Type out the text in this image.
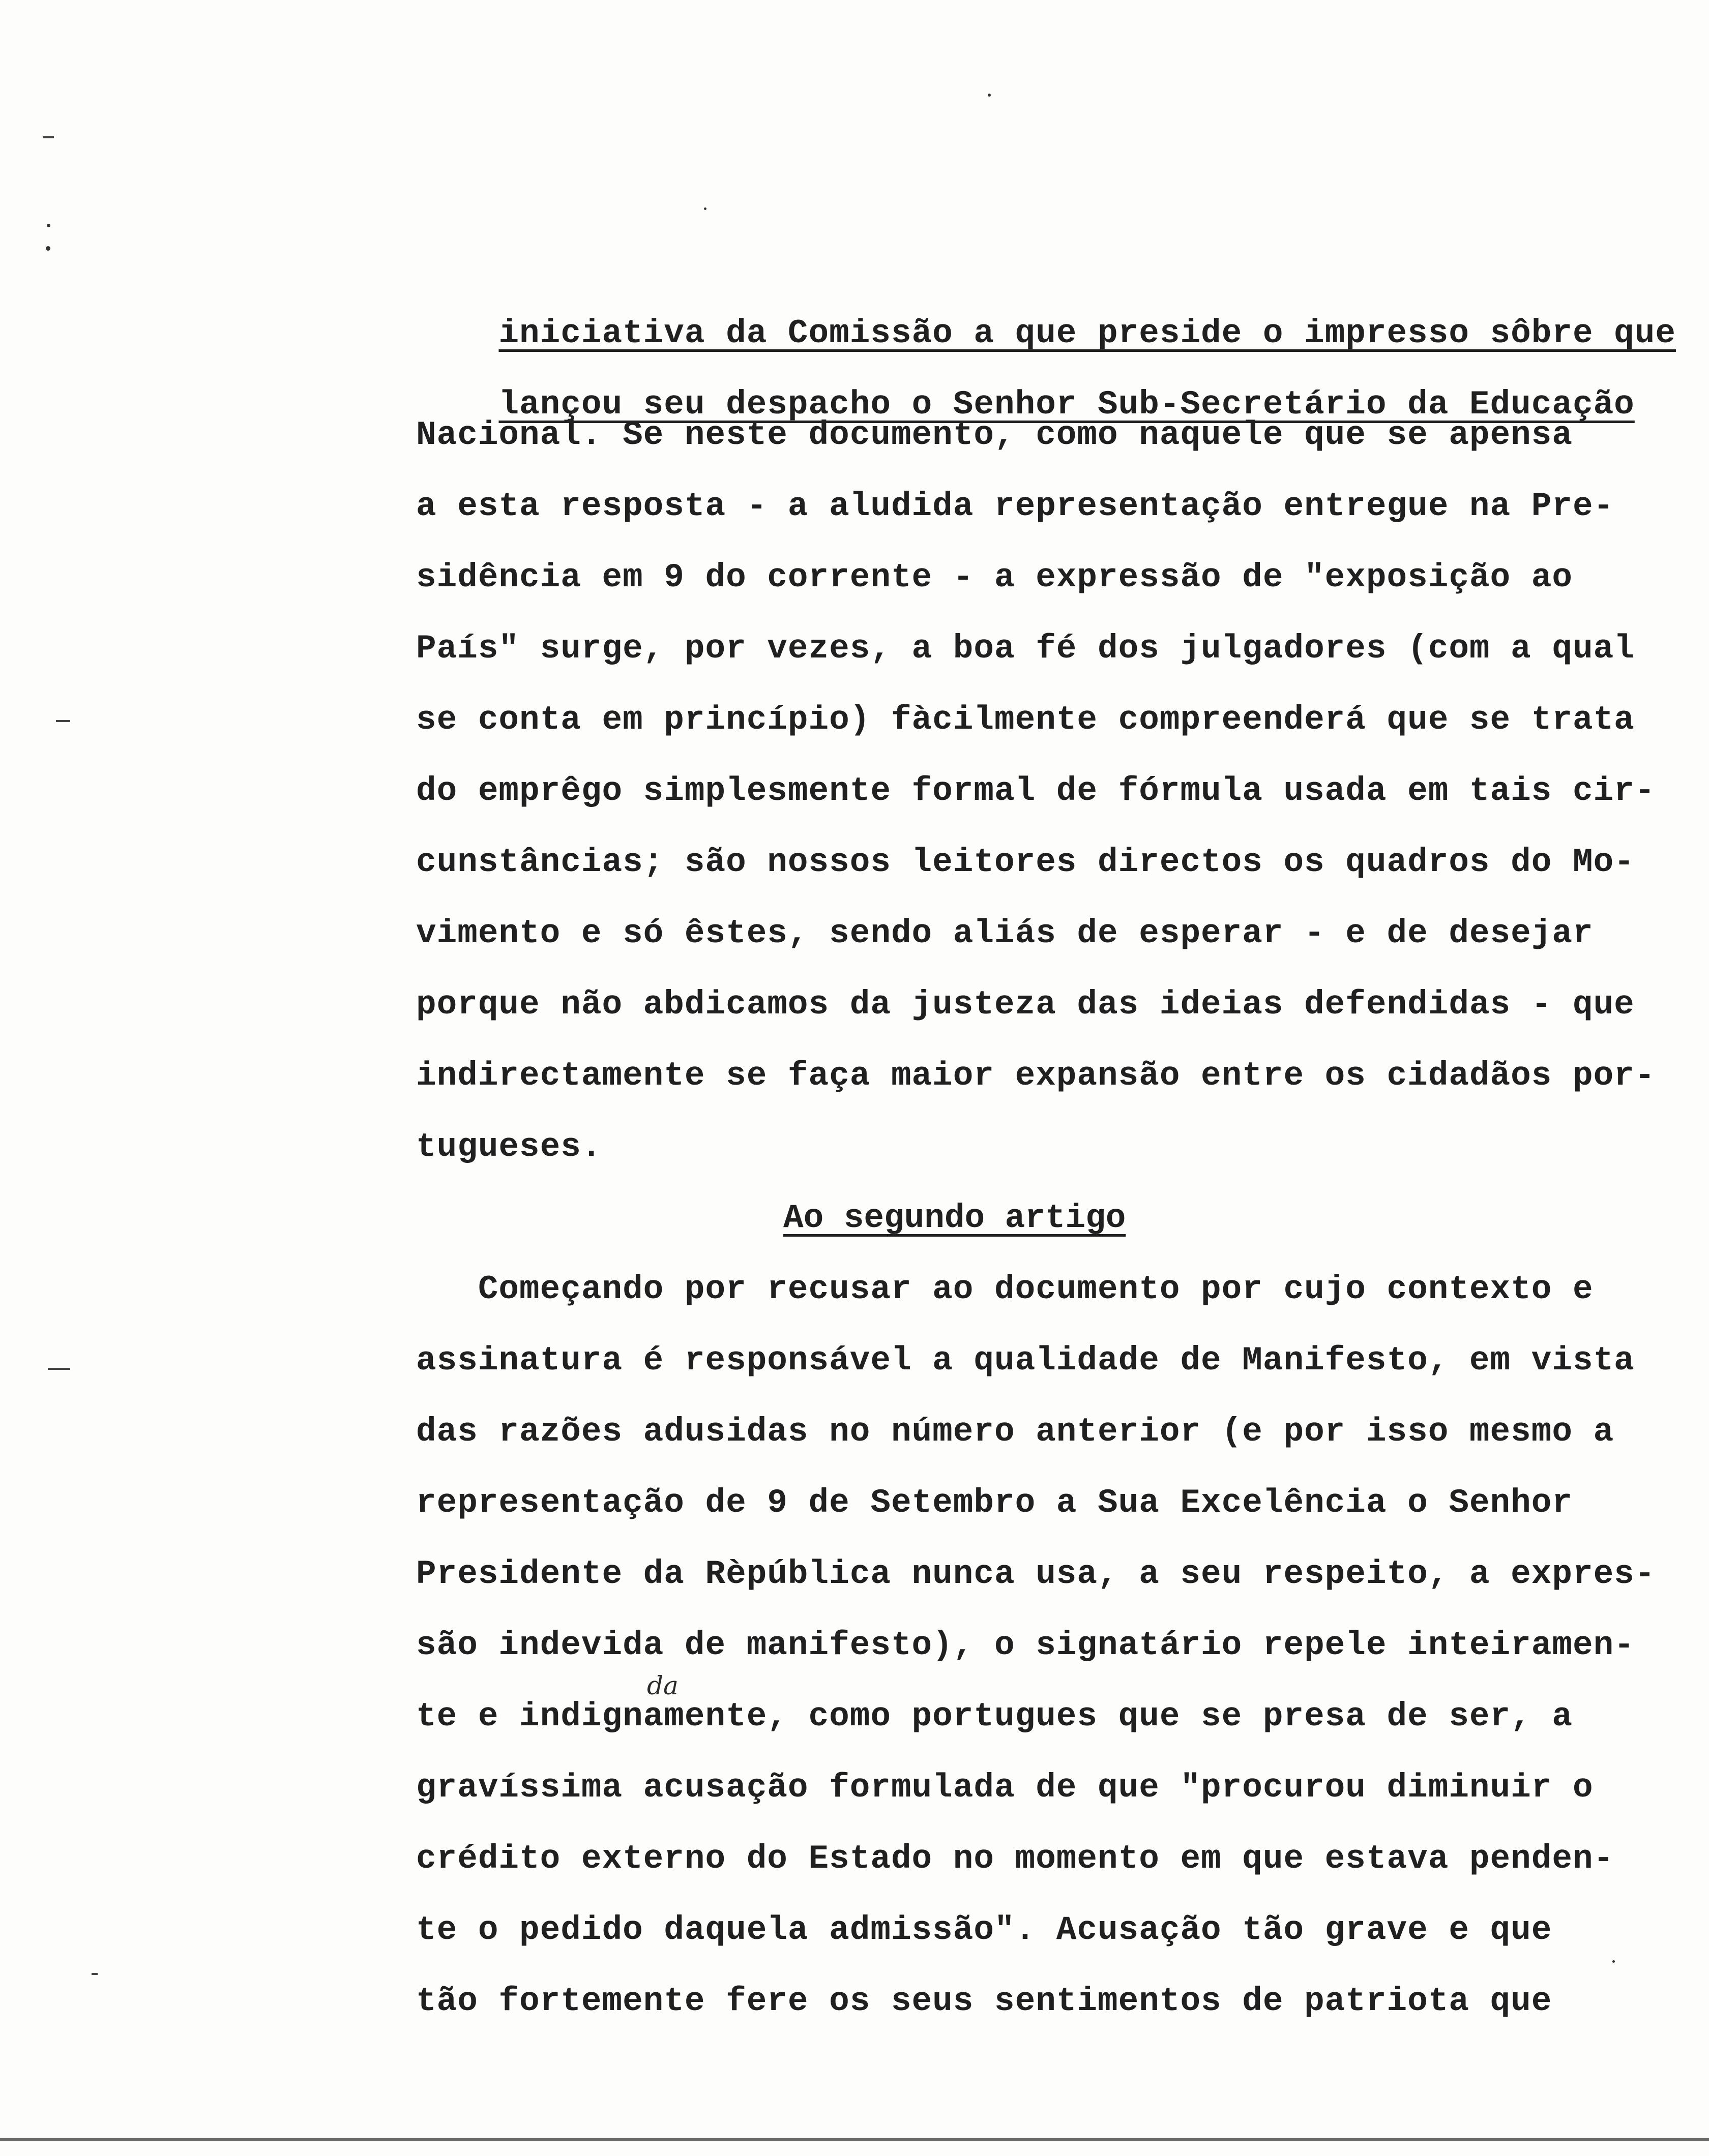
iniciativa da Comissão a que preside o impresso sôbre que

lançou seu despacho o Senhor Sub-Secretário da Educação

Nacional. Se neste documento, como naquele que se apensa
a esta resposta - a aludida representação entregue na Pre-
sidência em 9 do corrente - a expressão de "exposição ao
País" surge, por vezes, a boa fé dos julgadores (com a qual
se conta em princípio) fàcilmente compreenderá que se trata
do emprêgo simplesmente formal de fórmula usada em tais cir-
cunstâncias; são nossos leitores directos os quadros do Mo-
vimento e só êstes, sendo aliás de esperar - e de desejar
porque não abdicamos da justeza das ideias defendidas - que
indirectamente se faça maior expansão entre os cidadãos por-
tugueses.
Ao segundo artigo
Começando por recusar ao documento por cujo contexto e
assinatura é responsável a qualidade de Manifesto, em vista
das razões adusidas no número anterior (e por isso mesmo a
representação de 9 de Setembro a Sua Excelência o Senhor
Presidente da Rèpública nunca usa, a seu respeito, a expres-
são indevida de manifesto), o signatário repele inteiramen-
da
te e indignamente, como portugues que se presa de ser, a
gravíssima acusação formulada de que "procurou diminuir o
crédito externo do Estado no momento em que estava penden-
te o pedido daquela admissão". Acusação tão grave e que
tão fortemente fere os seus sentimentos de patriota que
